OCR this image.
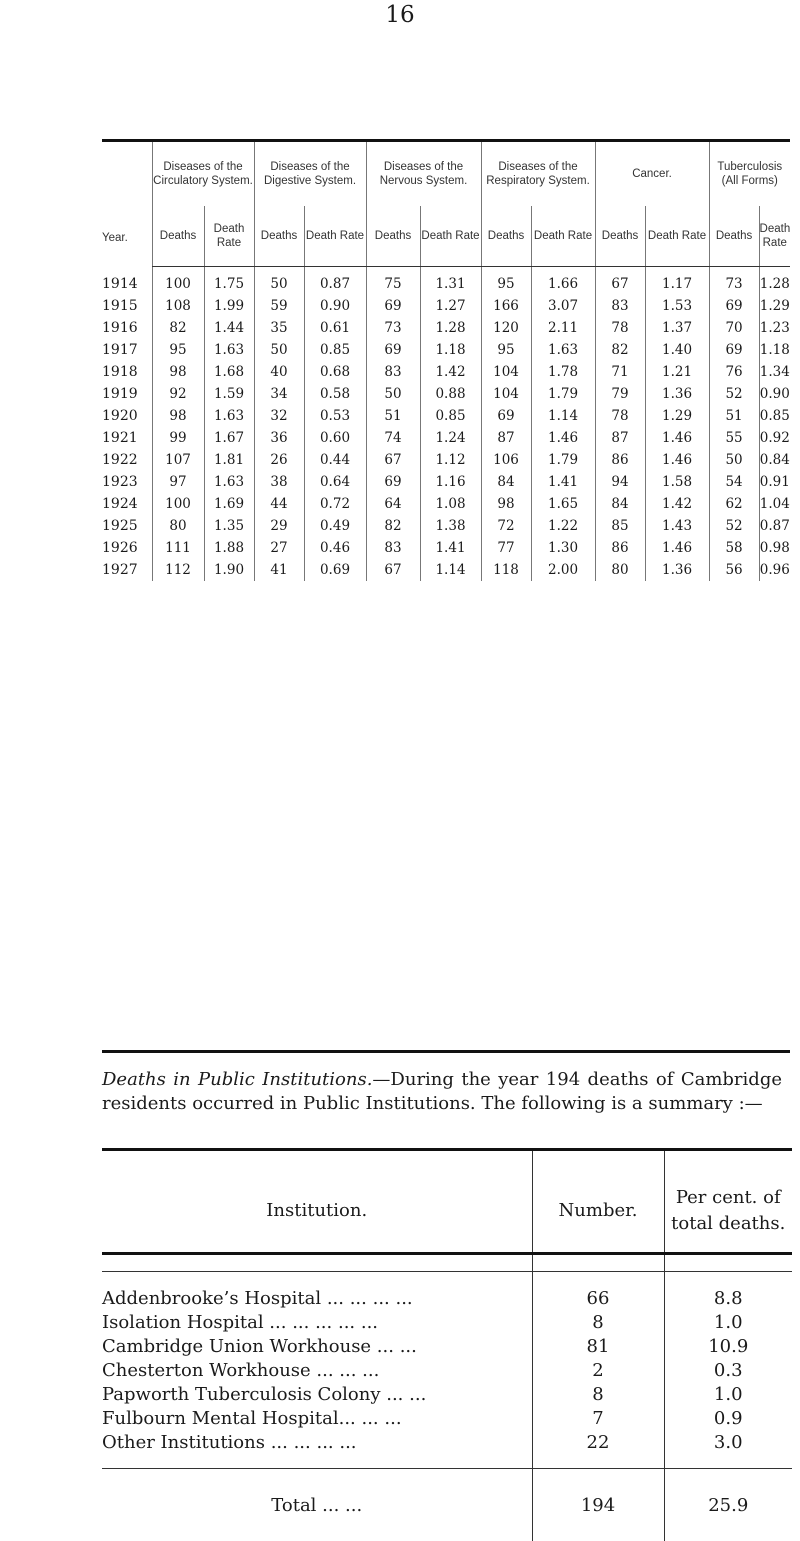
16
Year.	Diseases of the Circulatory System.		Diseases of the Digestive System.		Diseases of the Nervous System.		Diseases of the Respiratory System.		Cancer.		Tuberculosis (All Forms)	
	Deaths	Death Rate	Deaths	Death Rate	Deaths	Death Rate	Deaths	Death Rate	Deaths	Death Rate	Deaths	Death Rate
1914	100	1.75	50	0.87	75	1.31	95	1.66	67	1.17	73	1.28
1915	108	1.99	59	0.90	69	1.27	166	3.07	83	1.53	69	1.29
1916	82	1.44	35	0.61	73	1.28	120	2.11	78	1.37	70	1.23
1917	95	1.63	50	0.85	69	1.18	95	1.63	82	1.40	69	1.18
1918	98	1.68	40	0.68	83	1.42	104	1.78	71	1.21	76	1.34
1919	92	1.59	34	0.58	50	0.88	104	1.79	79	1.36	52	0.90
1920	98	1.63	32	0.53	51	0.85	69	1.14	78	1.29	51	0.85
1921	99	1.67	36	0.60	74	1.24	87	1.46	87	1.46	55	0.92
1922	107	1.81	26	0.44	67	1.12	106	1.79	86	1.46	50	0.84
1923	97	1.63	38	0.64	69	1.16	84	1.41	94	1.58	54	0.91
1924	100	1.69	44	0.72	64	1.08	98	1.65	84	1.42	62	1.04
1925	80	1.35	29	0.49	82	1.38	72	1.22	85	1.43	52	0.87
1926	111	1.88	27	0.46	83	1.41	77	1.30	86	1.46	58	0.98
1927	112	1.90	41	0.69	67	1.14	118	2.00	80	1.36	56	0.96

Deaths in Public Institutions.—During the year 194 deaths of Cambridge residents occurred in Public Institutions. The following is a summary :—

Institution.	Number.	Per cent. of total deaths.
Addenbrooke’s Hospital ... ... ... ...	66	8.8
Isolation Hospital ... ... ... ... ...	8	1.0
Cambridge Union Workhouse ... ...	81	10.9
Chesterton Workhouse ... ... ...	2	0.3
Papworth Tuberculosis Colony ... ...	8	1.0
Fulbourn Mental Hospital... ... ...	7	0.9
Other Institutions ... ... ... ...	22	3.0
Total ... ...	194	25.9
